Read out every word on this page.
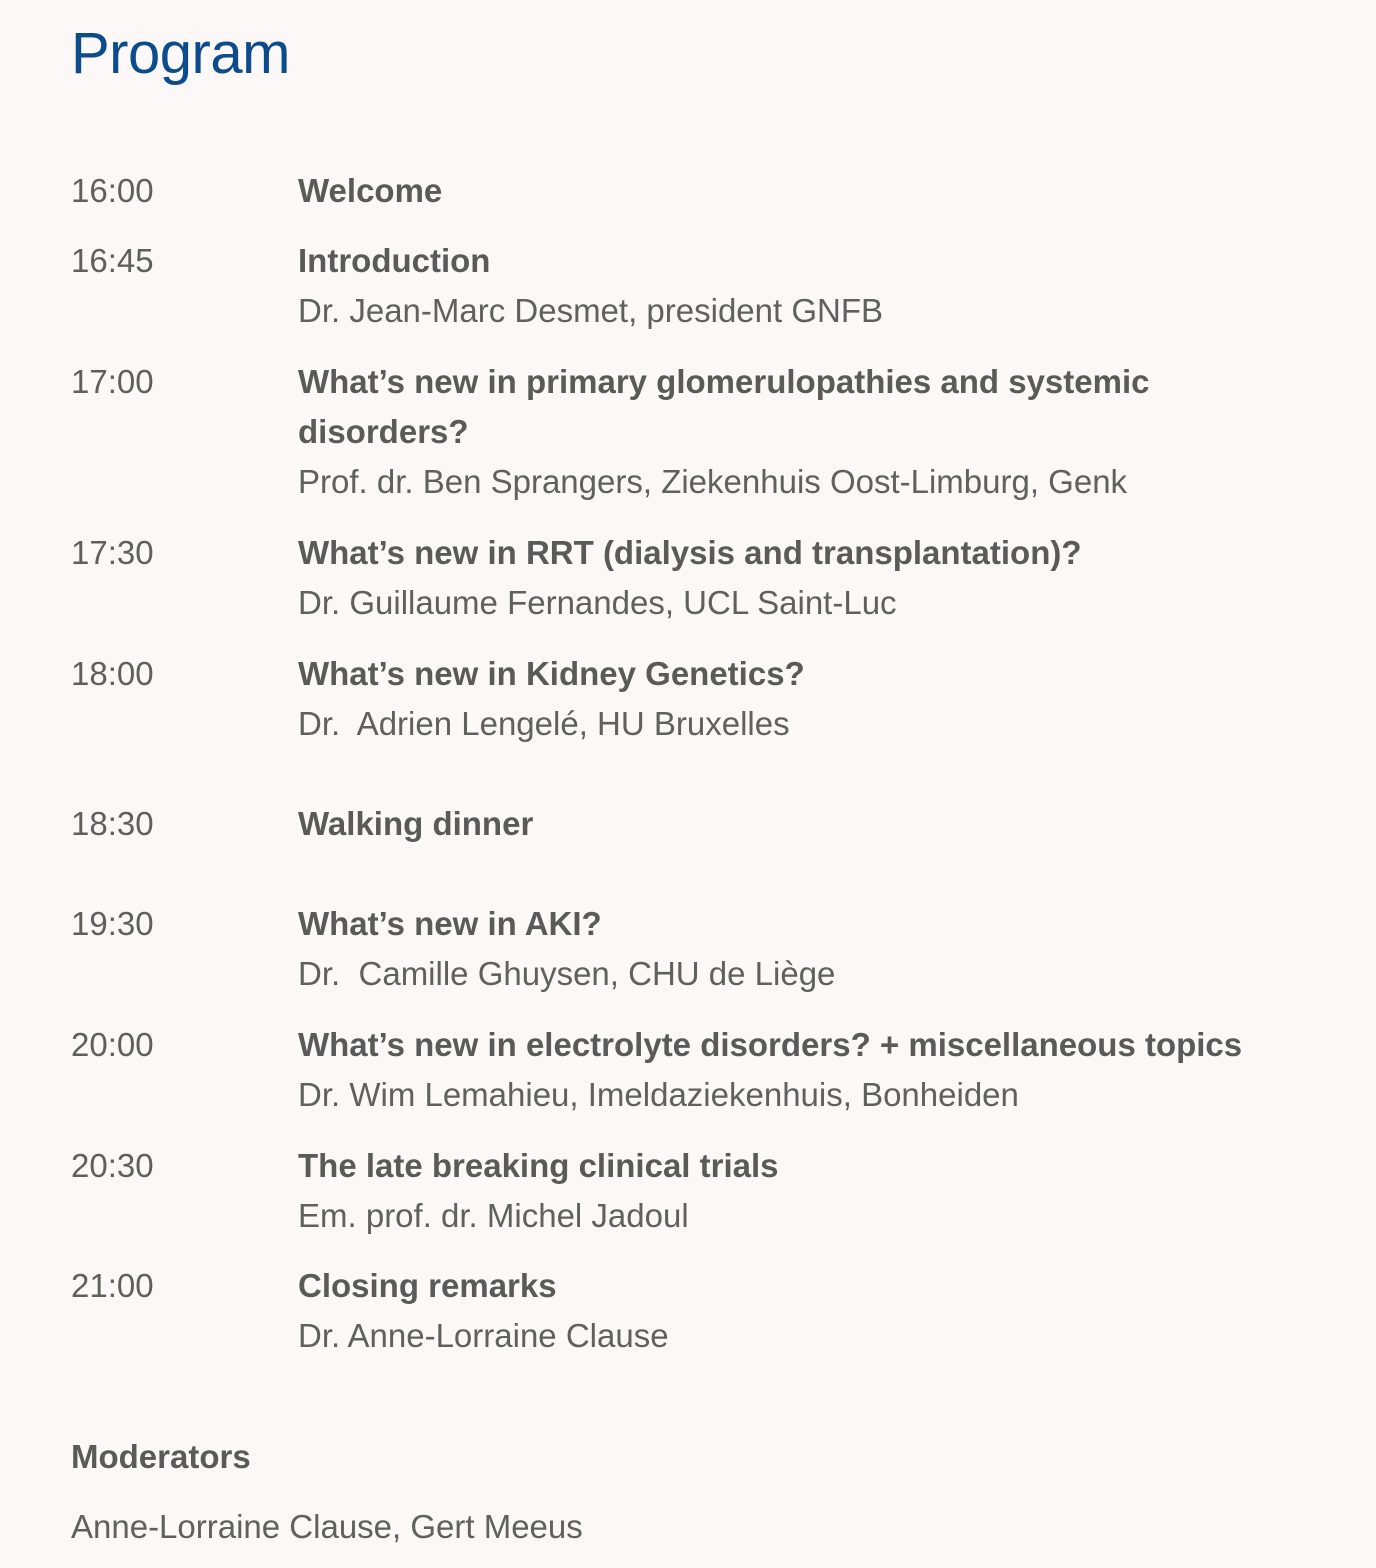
Program
16:00	Welcome
16:45	Introduction
Dr. Jean-Marc Desmet, president GNFB
17:00	What’s new in primary glomerulopathies and systemic disorders?
Prof. dr. Ben Sprangers, Ziekenhuis Oost-Limburg, Genk
17:30	What’s new in RRT (dialysis and transplantation)?
Dr. Guillaume Fernandes, UCL Saint-Luc
18:00	What’s new in Kidney Genetics?
Dr.  Adrien Lengelé, HU Bruxelles
18:30	Walking dinner
19:30	What’s new in AKI?
Dr.  Camille Ghuysen, CHU de Liège
20:00	What’s new in electrolyte disorders? + miscellaneous topics
Dr. Wim Lemahieu, Imeldaziekenhuis, Bonheiden
20:30	The late breaking clinical trials
Em. prof. dr. Michel Jadoul
21:00	Closing remarks
Dr. Anne-Lorraine Clause
Moderators
Anne-Lorraine Clause, Gert Meeus
